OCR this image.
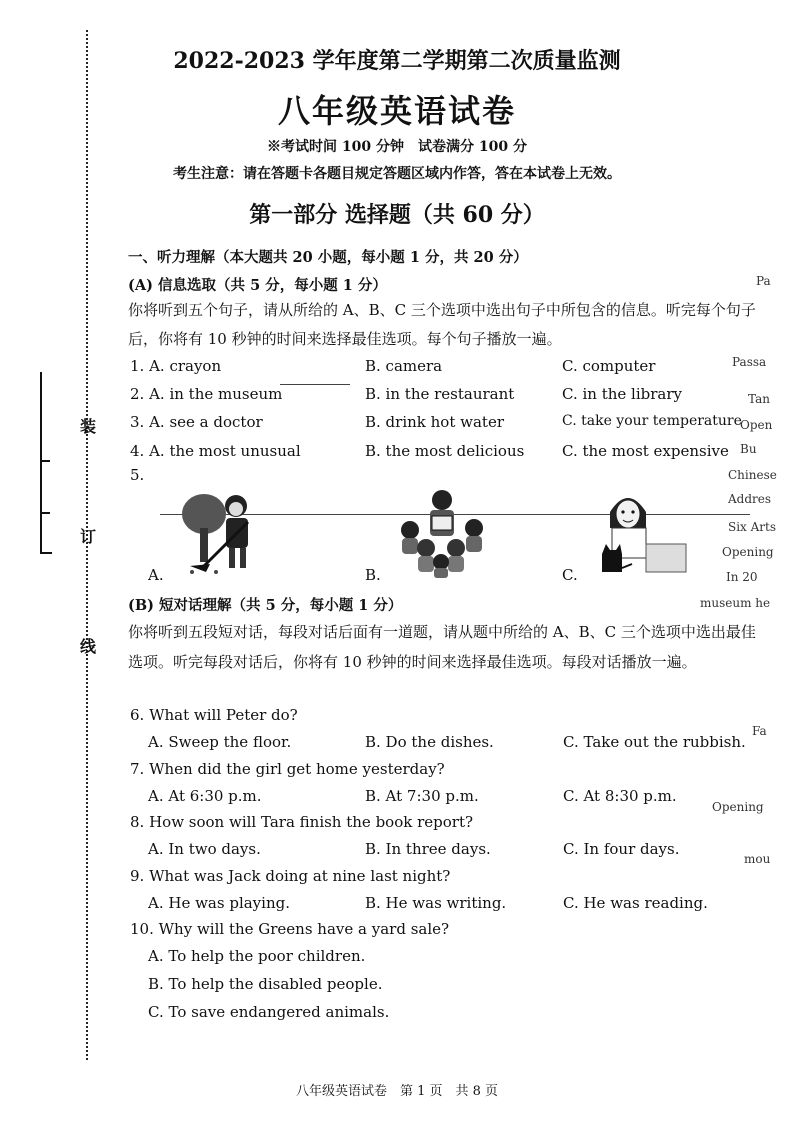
装
订
线
2022-2023 学年度第二学期第二次质量监测
八年级英语试卷
※考试时间 100 分钟　试卷满分 100 分
考生注意：请在答题卡各题目规定答题区域内作答，答在本试卷上无效。
第一部分 选择题（共 60 分）
一、听力理解（本大题共 20 小题，每小题 1 分，共 20 分）
(A) 信息选取（共 5 分，每小题 1 分）
你将听到五个句子，请从所给的 A、B、C 三个选项中选出句子中所包含的信息。听完每个句子后，你将有 10 秒钟的时间来选择最佳选项。每个句子播放一遍。
1. A. crayon	B. camera	C. computer
2. A. in the museum	B. in the restaurant	C. in the library
3. A. see a doctor	B. drink hot water	C. take your temperature
4. A. the most unusual	B. the most delicious	C. the most expensive
5.
A.	B.	C.
(B) 短对话理解（共 5 分，每小题 1 分）
你将听到五段短对话，每段对话后面有一道题，请从题中所给的 A、B、C 三个选项中选出最佳选项。听完每段对话后，你将有 10 秒钟的时间来选择最佳选项。每段对话播放一遍。
6. What will Peter do?
A. Sweep the floor.	B. Do the dishes.	C. Take out the rubbish.
7. When did the girl get home yesterday?
A. At 6:30 p.m.	B. At 7:30 p.m.	C. At 8:30 p.m.
8. How soon will Tara finish the book report?
A. In two days.	B. In three days.	C. In four days.
9. What was Jack doing at nine last night?
A. He was playing.	B. He was writing.	C. He was reading.
10. Why will the Greens have a yard sale?
A. To help the poor children.
B. To help the disabled people.
C. To save endangered animals.
Pa
Passa
Tan
Open
Bu
Chinese
Addres
Six Arts
Opening
In 20
museum he
Fa
Opening
mou
八年级英语试卷　第 1 页　共 8 页
